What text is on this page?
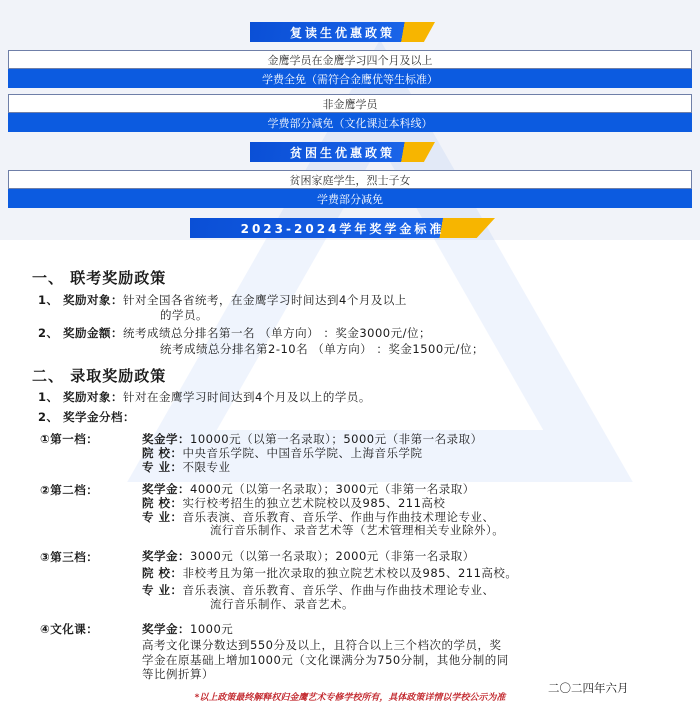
复读生优惠政策
金鹰学员在金鹰学习四个月及以上
学费全免（需符合金鹰优等生标准）
非金鹰学员
学费部分减免（文化课过本科线）
贫困生优惠政策
贫困家庭学生，烈士子女
学费部分减免
2023-2024学年奖学金标准
一、 联考奖励政策
1、 奖励对象：针对全国各省统考，在金鹰学习时间达到4个月及以上
的学员。
2、 奖励金额：统考成绩总分排名第一名 （单方向） ：奖金3000元/位；
统考成绩总分排名第2-10名 （单方向） ：奖金1500元/位；
二、 录取奖励政策
1、 奖励对象：针对在金鹰学习时间达到4个月及以上的学员。
2、 奖学金分档：
①第一档：	奖金学：10000元（以第一名录取）；5000元（非第一名录取）
院 校：中央音乐学院、中国音乐学院、上海音乐学院
专 业：不限专业
②第二档：	奖学金：4000元（以第一名录取）；3000元（非第一名录取）
院 校：实行校考招生的独立艺术院校以及985、211高校
专 业：音乐表演、音乐教育、音乐学、作曲与作曲技术理论专业、
流行音乐制作、录音艺术等（艺术管理相关专业除外）。
③第三档：	奖学金：3000元（以第一名录取）；2000元（非第一名录取）
院 校：非校考且为第一批次录取的独立院艺术校以及985、211高校。
专 业：音乐表演、音乐教育、音乐学、作曲与作曲技术理论专业、
流行音乐制作、录音艺术。
④文化课：	奖学金：1000元
高考文化课分数达到550分及以上，且符合以上三个档次的学员，奖
学金在原基础上增加1000元（文化课满分为750分制，其他分制的同
等比例折算）
二〇二四年六月
*以上政策最终解释权归金鹰艺术专修学校所有，具体政策详情以学校公示为准
